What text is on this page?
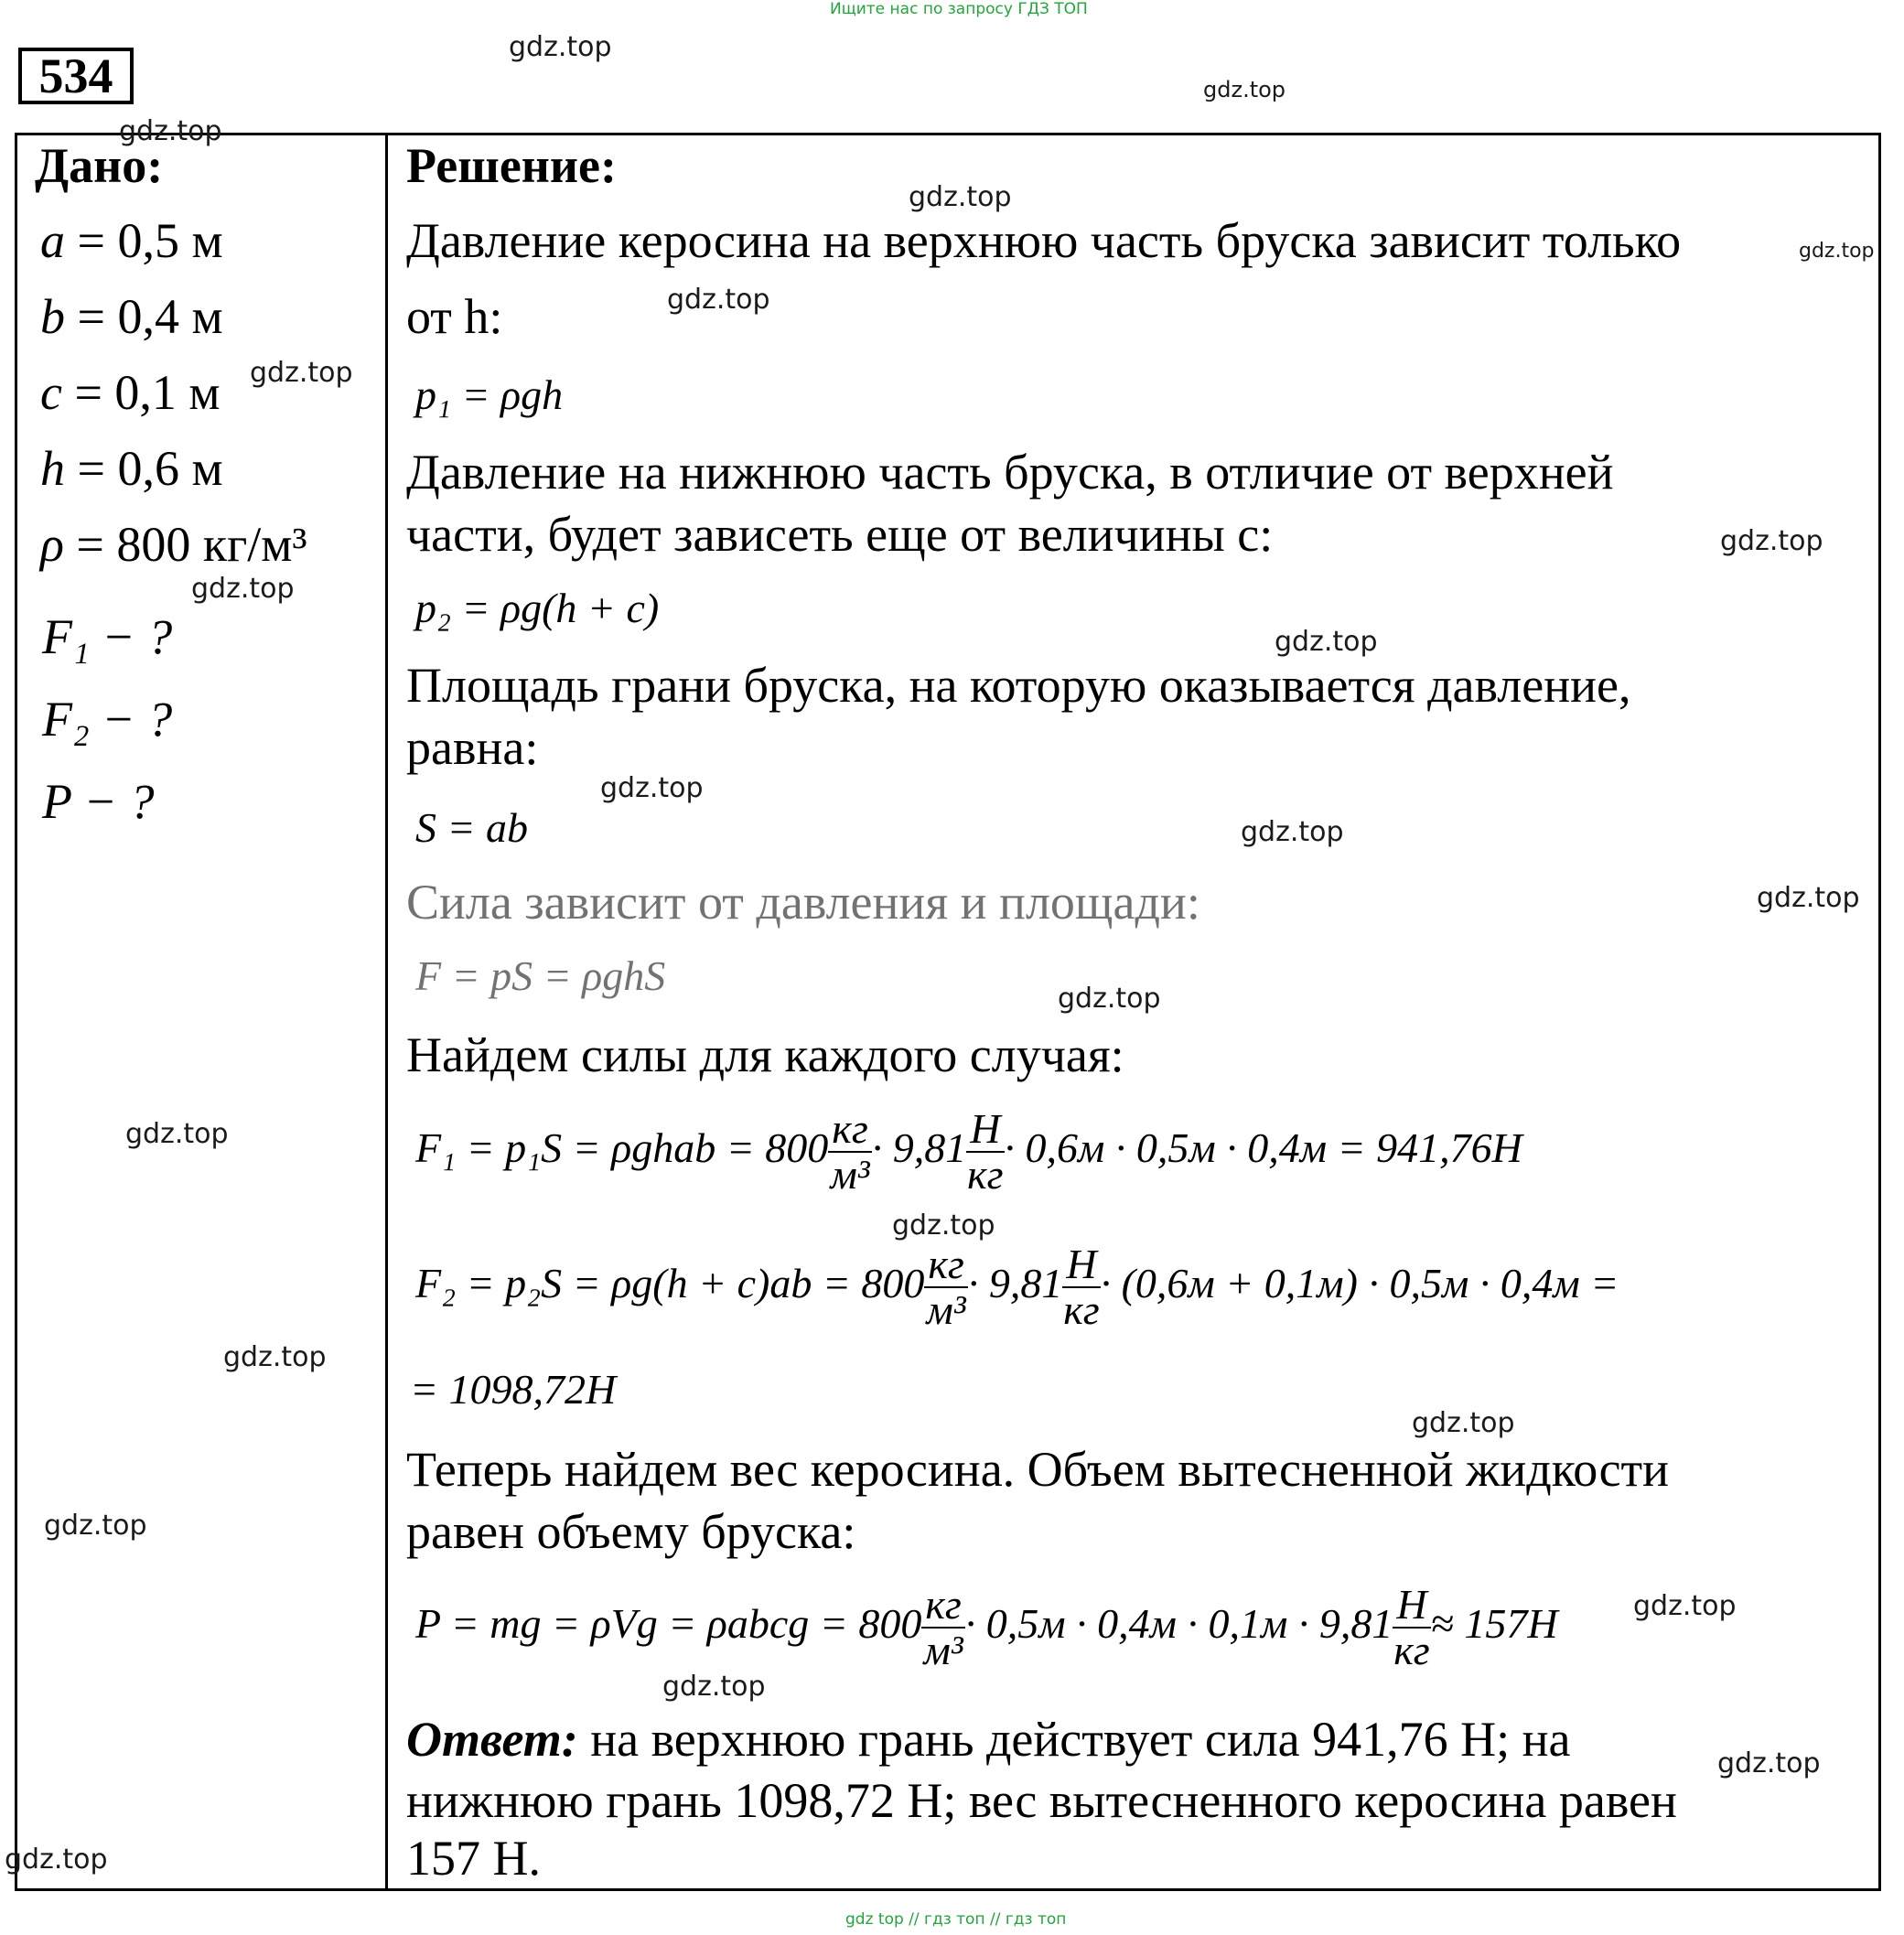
Ищите нас по запросу ГДЗ ТОП
534
Дано:
a = 0,5 м
b = 0,4 м
c = 0,1 м
h = 0,6 м
ρ = 800 кг/м³
F₁ − ?
F₂ − ?
P − ?
Решение:
Давление керосина на верхнюю часть бруска зависит только
от h:
p₁ = ρgh
Давление на нижнюю часть бруска, в отличие от верхней
части, будет зависеть еще от величины с:
p₂ = ρg(h + c)
Площадь грани бруска, на которую оказывается давление,
равна:
S = ab
Сила зависит от давления и площади:
F = pS = ρghS
Найдем силы для каждого случая:
F₁ = p₁S = ρghab = $800 \frac{кг}{\text{м³}} \cdot 9,81 \frac{Н}{кг} \cdot 0,6м \cdot 0,5м \cdot 0,4м = 941,76Н$
$F_2 = p_2S = \rho g(h + c)ab = 800 \frac{кг}{\text{м³}} \cdot 9,81 \frac{Н}{кг} \cdot (0,6м + 0,1м) \cdot 0,5м \cdot 0,4м$ =
= 1098,72Н
Теперь найдем вес керосина. Объем вытесненной жидкости
равен объему бруска:
P = mg = ρVg = ρabcg = $800 \frac{кг}{\text{м³}} \cdot 0,5м \cdot 0,4м \cdot 0,1м \cdot 9,81 \frac{Н}{кг} \approx 157Н$
Ответ: на верхнюю грань действует сила 941,76 Н; на
нижнюю грань 1098,72 Н; вес вытесненного керосина равен
157 Н.
gdz.top
gdz.top
gdz.top
gdz.top
gdz.top
gdz.top
gdz.top
gdz.top
gdz.top
gdz.top
gdz.top
gdz.top
gdz.top
gdz.top
gdz.top
gdz.top
gdz.top
gdz.top
gdz.top
gdz.top
gdz.top
gdz.top
gdz.top
gdz top // гдз топ // гдз топ
